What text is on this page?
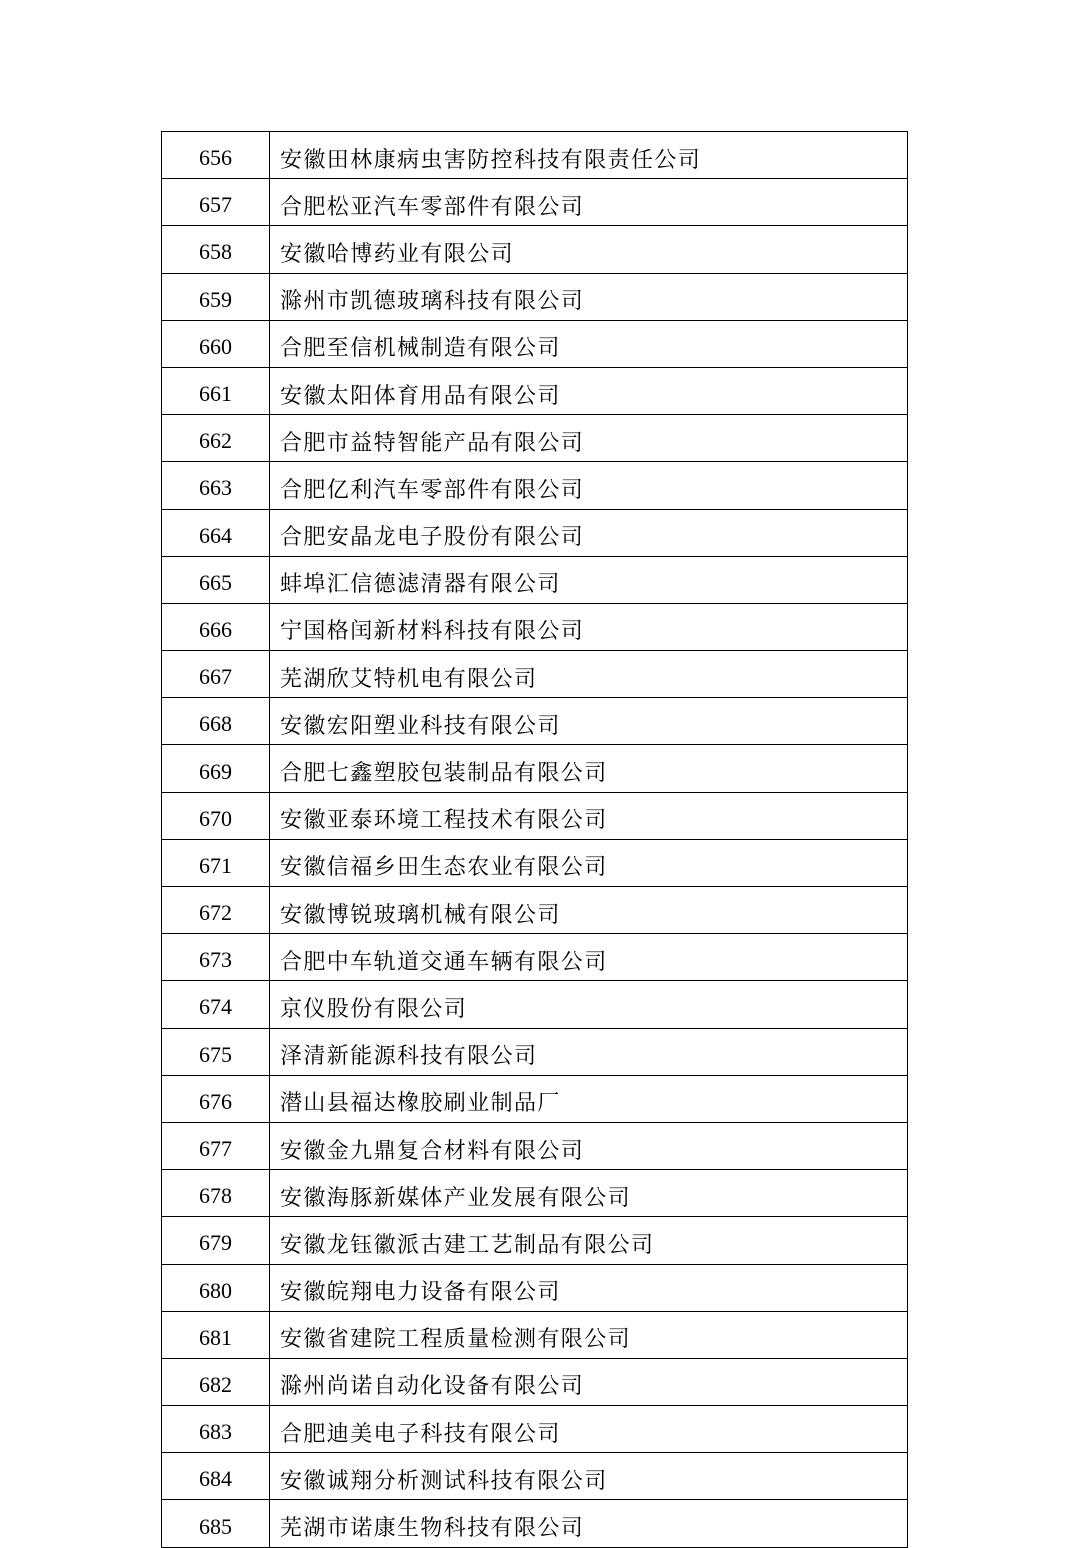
656	安徽田林康病虫害防控科技有限责任公司
657	合肥松亚汽车零部件有限公司
658	安徽哈博药业有限公司
659	滁州市凯德玻璃科技有限公司
660	合肥至信机械制造有限公司
661	安徽太阳体育用品有限公司
662	合肥市益特智能产品有限公司
663	合肥亿利汽车零部件有限公司
664	合肥安晶龙电子股份有限公司
665	蚌埠汇信德滤清器有限公司
666	宁国格闰新材料科技有限公司
667	芜湖欣艾特机电有限公司
668	安徽宏阳塑业科技有限公司
669	合肥七鑫塑胶包装制品有限公司
670	安徽亚泰环境工程技术有限公司
671	安徽信福乡田生态农业有限公司
672	安徽博锐玻璃机械有限公司
673	合肥中车轨道交通车辆有限公司
674	京仪股份有限公司
675	泽清新能源科技有限公司
676	潜山县福达橡胶刷业制品厂
677	安徽金九鼎复合材料有限公司
678	安徽海豚新媒体产业发展有限公司
679	安徽龙钰徽派古建工艺制品有限公司
680	安徽皖翔电力设备有限公司
681	安徽省建院工程质量检测有限公司
682	滁州尚诺自动化设备有限公司
683	合肥迪美电子科技有限公司
684	安徽诚翔分析测试科技有限公司
685	芜湖市诺康生物科技有限公司
